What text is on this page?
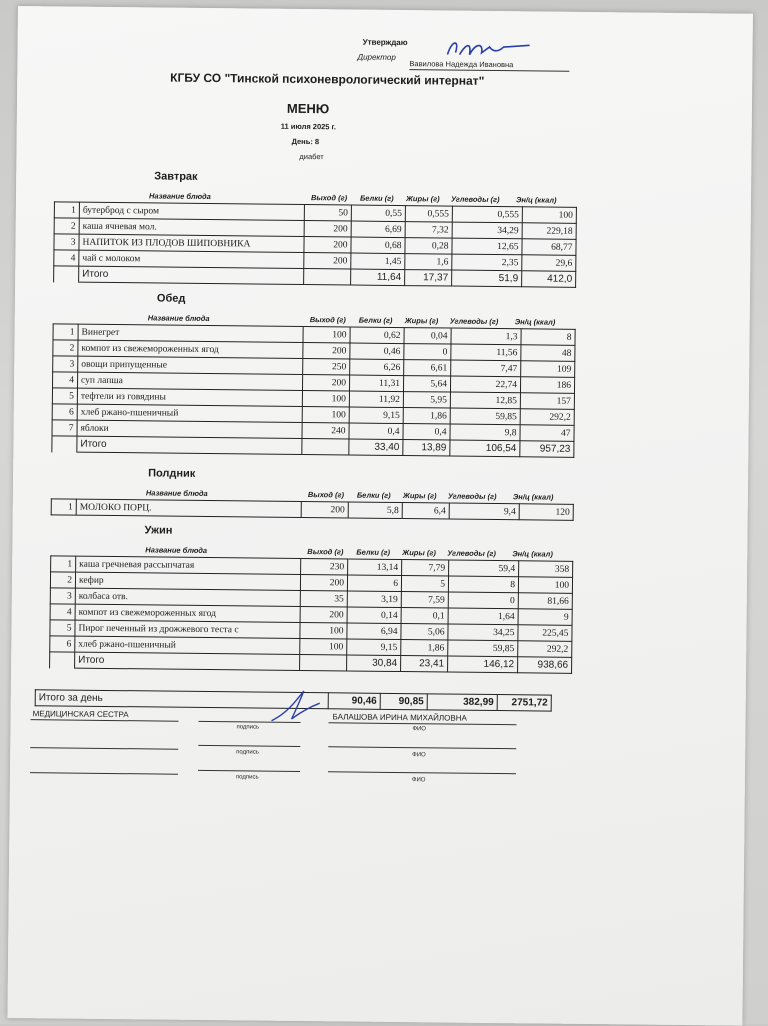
Утверждаю
Директор
Вавилова Надежда Ивановна
КГБУ СО "Тинской психоневрологический интернат"
МЕНЮ
11 июля 2025 г.
День: 8
диабет
Завтрак
Название блюда	Выход (г) Белки (г) Жиры (г) Углеводы (г) Эн/ц (ккал)
1	бутерброд с сыром	50	0,55	0,555	0,555	100
2	каша ячневая мол.	200	6,69	7,32	34,29	229,18
3	НАПИТОК ИЗ ПЛОДОВ ШИПОВНИКА	200	0,68	0,28	12,65	68,77
4	чай с молоком	200	1,45	1,6	2,35	29,6
	Итого		11,64	17,37	51,9	412,0
Обед
Название блюда	Выход (г) Белки (г) Жиры (г) Углеводы (г) Эн/ц (ккал)
1	Винегрет	100	0,62	0,04	1,3	8
2	компот из свежемороженных ягод	200	0,46	0	11,56	48
3	овощи припущенные	250	6,26	6,61	7,47	109
4	суп лапша	200	11,31	5,64	22,74	186
5	тефтели из говядины	100	11,92	5,95	12,85	157
6	хлеб ржано-пшеничный	100	9,15	1,86	59,85	292,2
7	яблоки	240	0,4	0,4	9,8	47
	Итого		33,40	13,89	106,54	957,23
Полдник
Название блюда	Выход (г) Белки (г) Жиры (г) Углеводы (г) Эн/ц (ккал)
1	МОЛОКО ПОРЦ.	200	5,8	6,4	9,4	120
Ужин
Название блюда	Выход (г) Белки (г) Жиры (г) Углеводы (г) Эн/ц (ккал)
1	каша гречневая рассыпчатая	230	13,14	7,79	59,4	358
2	кефир	200	6	5	8	100
3	колбаса отв.	35	3,19	7,59	0	81,66
4	компот из свежемороженных ягод	200	0,14	0,1	1,64	9
5	Пирог печенный из дрожжевого теста с	100	6,94	5,06	34,25	225,45
6	хлеб ржано-пшеничный	100	9,15	1,86	59,85	292,2
	Итого		30,84	23,41	146,12	938,66
Итого за день	90,46	90,85	382,99	2751,72
МЕДИЦИНСКАЯ СЕСТРА
подпись
БАЛАШОВА ИРИНА МИХАЙЛОВНА
ФИО
подпись	ФИО
подпись	ФИО
